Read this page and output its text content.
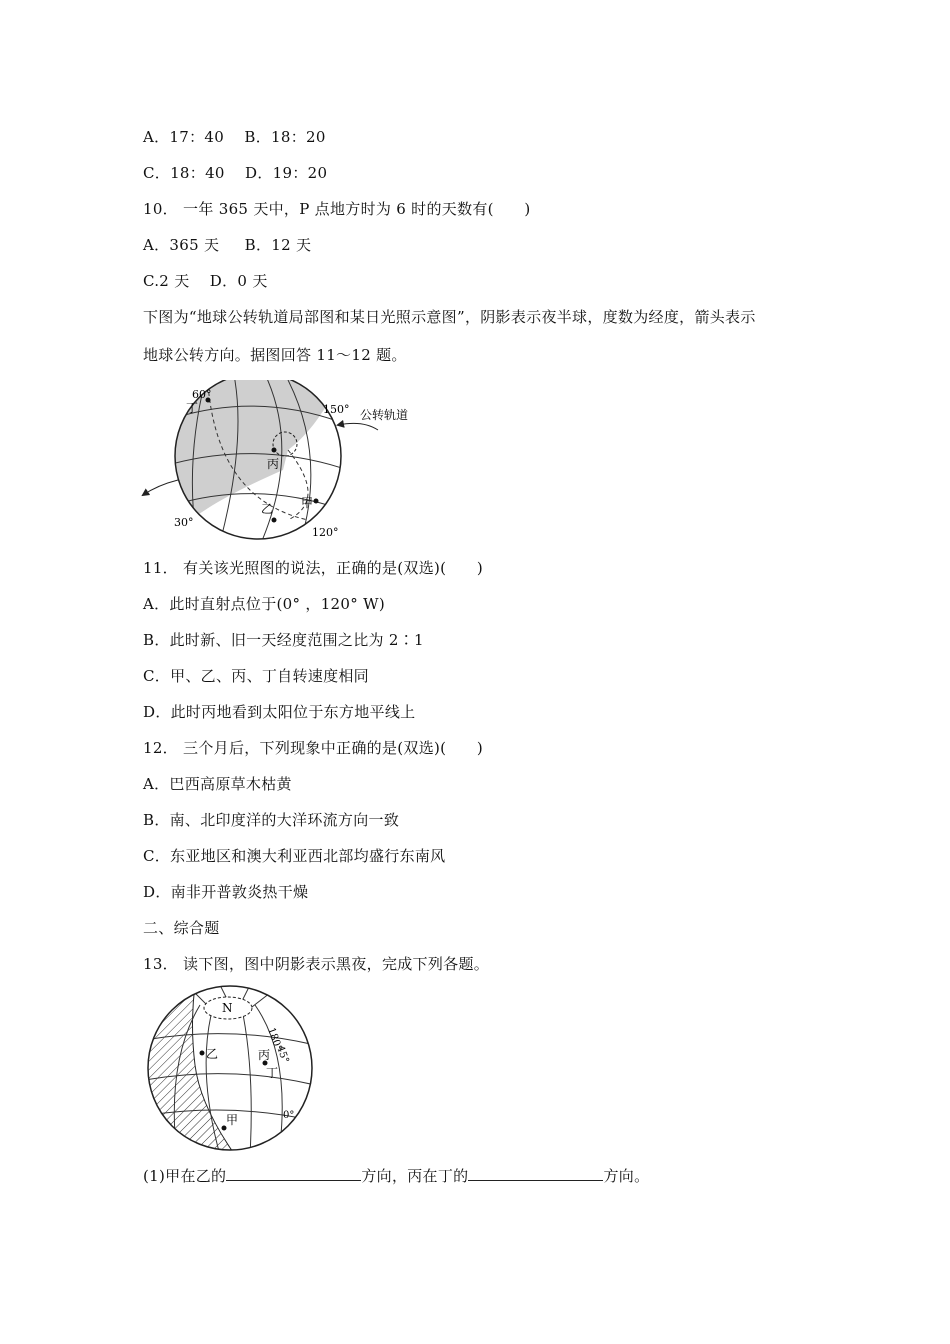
A．17：40    B．18：20
C．18：40    D．19：20
10． 一年 365 天中，P 点地方时为 6 时的天数有(　　)
A．365 天     B．12 天
C.2 天    D．0 天
下图为“地球公转轨道局部图和某日光照示意图”，阴影表示夜半球，度数为经度，箭头表示
地球公转方向。据图回答 11～12 题。
丁
60°
150° 公转轨道
丙
乙 甲
30°
120°
11． 有关该光照图的说法，正确的是(双选)(　　)
A．此时直射点位于(0° ，120° W)
B．此时新、旧一天经度范围之比为 2∶1
C．甲、乙、丙、丁自转速度相同
D．此时丙地看到太阳位于东方地平线上
12． 三个月后，下列现象中正确的是(双选)(　　)
A．巴西高原草木枯黄
B．南、北印度洋的大洋环流方向一致
C．东亚地区和澳大利亚西北部均盛行东南风
D．南非开普敦炎热干燥
二、综合题
13． 读下图，图中阴影表示黑夜，完成下列各题。
N
180°
45°
乙	丙
丁
甲	0°
(1)甲在乙的	方向，丙在丁的	方向。
